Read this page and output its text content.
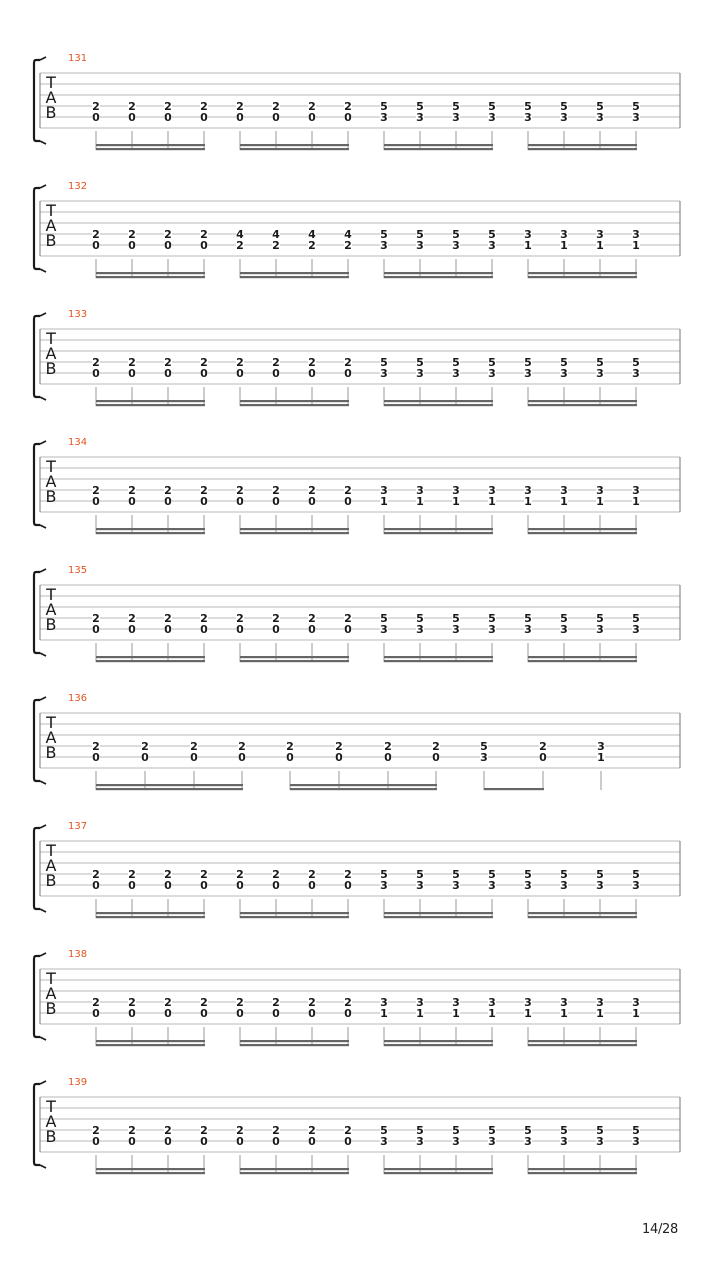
131
T
A
B	2
0
2
0
2
0
2
0
2
0
2
0
2
0
2
0
5
3
5
3
5
3
5
3
5
3
5
3
5
3
5
3
132
T
A
B	2
0
2
0
2
0
2
0
4
2
4
2
4
2
4
2
5
3
5
3
5
3
5
3
3
1
3
1
3
1
3
1
133
T
A
B	2
0
2
0
2
0
2
0
2
0
2
0
2
0
2
0
5
3
5
3
5
3
5
3
5
3
5
3
5
3
5
3
134
T
A
B	2
0
2
0
2
0
2
0
2
0
2
0
2
0
2
0
3
1
3
1
3
1
3
1
3
1
3
1
3
1
3
1
135
T
A
B	2
0
2
0
2
0
2
0
2
0
2
0
2
0
2
0
5
3
5
3
5
3
5
3
5
3
5
3
5
3
5
3
136
T
A
B	2
0
2
0
2
0
2
0
2
0
2
0
2
0
2
0
5
3
2
0
3
1
137
T
A
B	2
0
2
0
2
0
2
0
2
0
2
0
2
0
2
0
5
3
5
3
5
3
5
3
5
3
5
3
5
3
5
3
138
T
A
B	2
0
2
0
2
0
2
0
2
0
2
0
2
0
2
0
3
1
3
1
3
1
3
1
3
1
3
1
3
1
3
1
139
T
A
B	2
0
2
0
2
0
2
0
2
0
2
0
2
0
2
0
5
3
5
3
5
3
5
3
5
3
5
3
5
3
5
3
14/28
